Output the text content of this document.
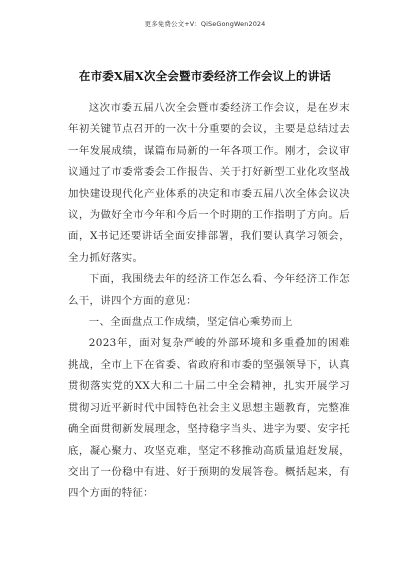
更多免费公文+V：QiSeGongWen2024
在市委X届X次全会暨市委经济工作会议上的讲话

这次市委五届八次全会暨市委经济工作会议，是在岁末年初关键节点召开的一次十分重要的会议，主要是总结过去一年发展成绩，谋篇布局新的一年各项工作。刚才，会议审议通过了市委常委会工作报告、关于打好新型工业化攻坚战加快建设现代化产业体系的决定和市委五届八次全体会议决议，为做好全市今年和今后一个时期的工作指明了方向。后面，X书记还要讲话全面安排部署，我们要认真学习领会，全力抓好落实。

下面，我围绕去年的经济工作怎么看、今年经济工作怎么干，讲四个方面的意见：

一、全面盘点工作成绩，坚定信心乘势而上

2023年，面对复杂严峻的外部环境和多重叠加的困难挑战，全市上下在省委、省政府和市委的坚强领导下，认真贯彻落实党的XX大和二十届二中全会精神，扎实开展学习贯彻习近平新时代中国特色社会主义思想主题教育，完整准确全面贯彻新发展理念，坚持稳字当头、进字为要、安字托底，凝心聚力、攻坚克难，坚定不移推动高质量追赶发展，交出了一份稳中有进、好于预期的发展答卷。概括起来，有四个方面的特征：
